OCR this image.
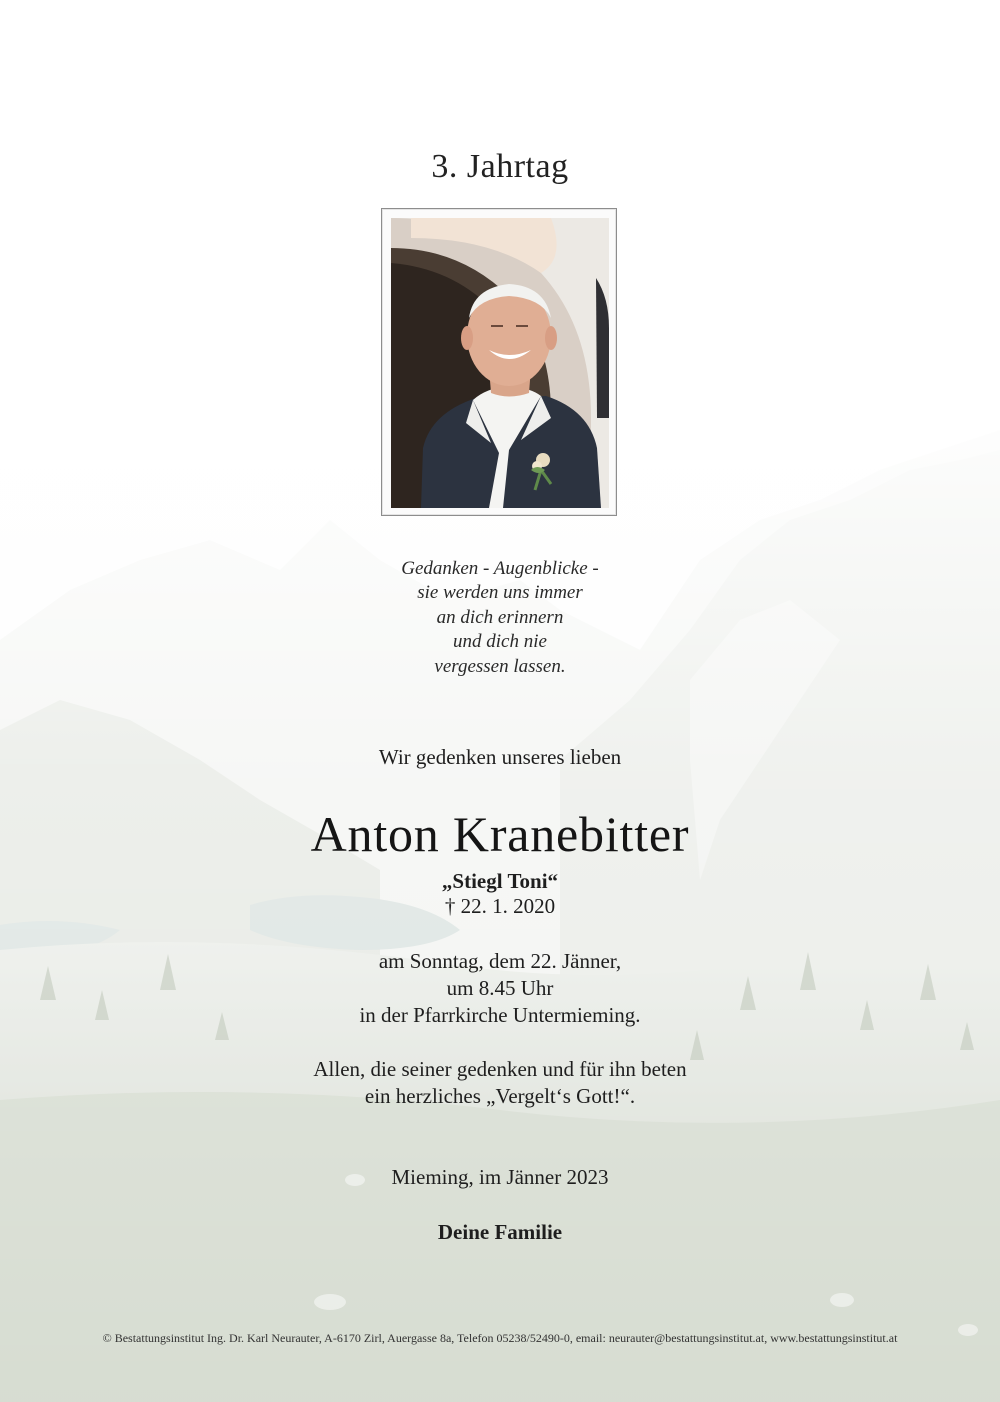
3. Jahrtag
Gedanken - Augenblicke -
sie werden uns immer
an dich erinnern
und dich nie
vergessen lassen.
Wir gedenken unseres lieben
Anton Kranebitter
„Stiegl Toni“
† 22. 1. 2020
am Sonntag, dem 22. Jänner,
um 8.45 Uhr
in der Pfarrkirche Untermieming.
Allen, die seiner gedenken und für ihn beten
ein herzliches „Vergelt‘s Gott!“.
Mieming, im Jänner 2023
Deine Familie
© Bestattungsinstitut Ing. Dr. Karl Neurauter, A-6170 Zirl, Auergasse 8a, Telefon 05238/52490-0, email: neurauter@bestattungsinstitut.at, www.bestattungsinstitut.at
